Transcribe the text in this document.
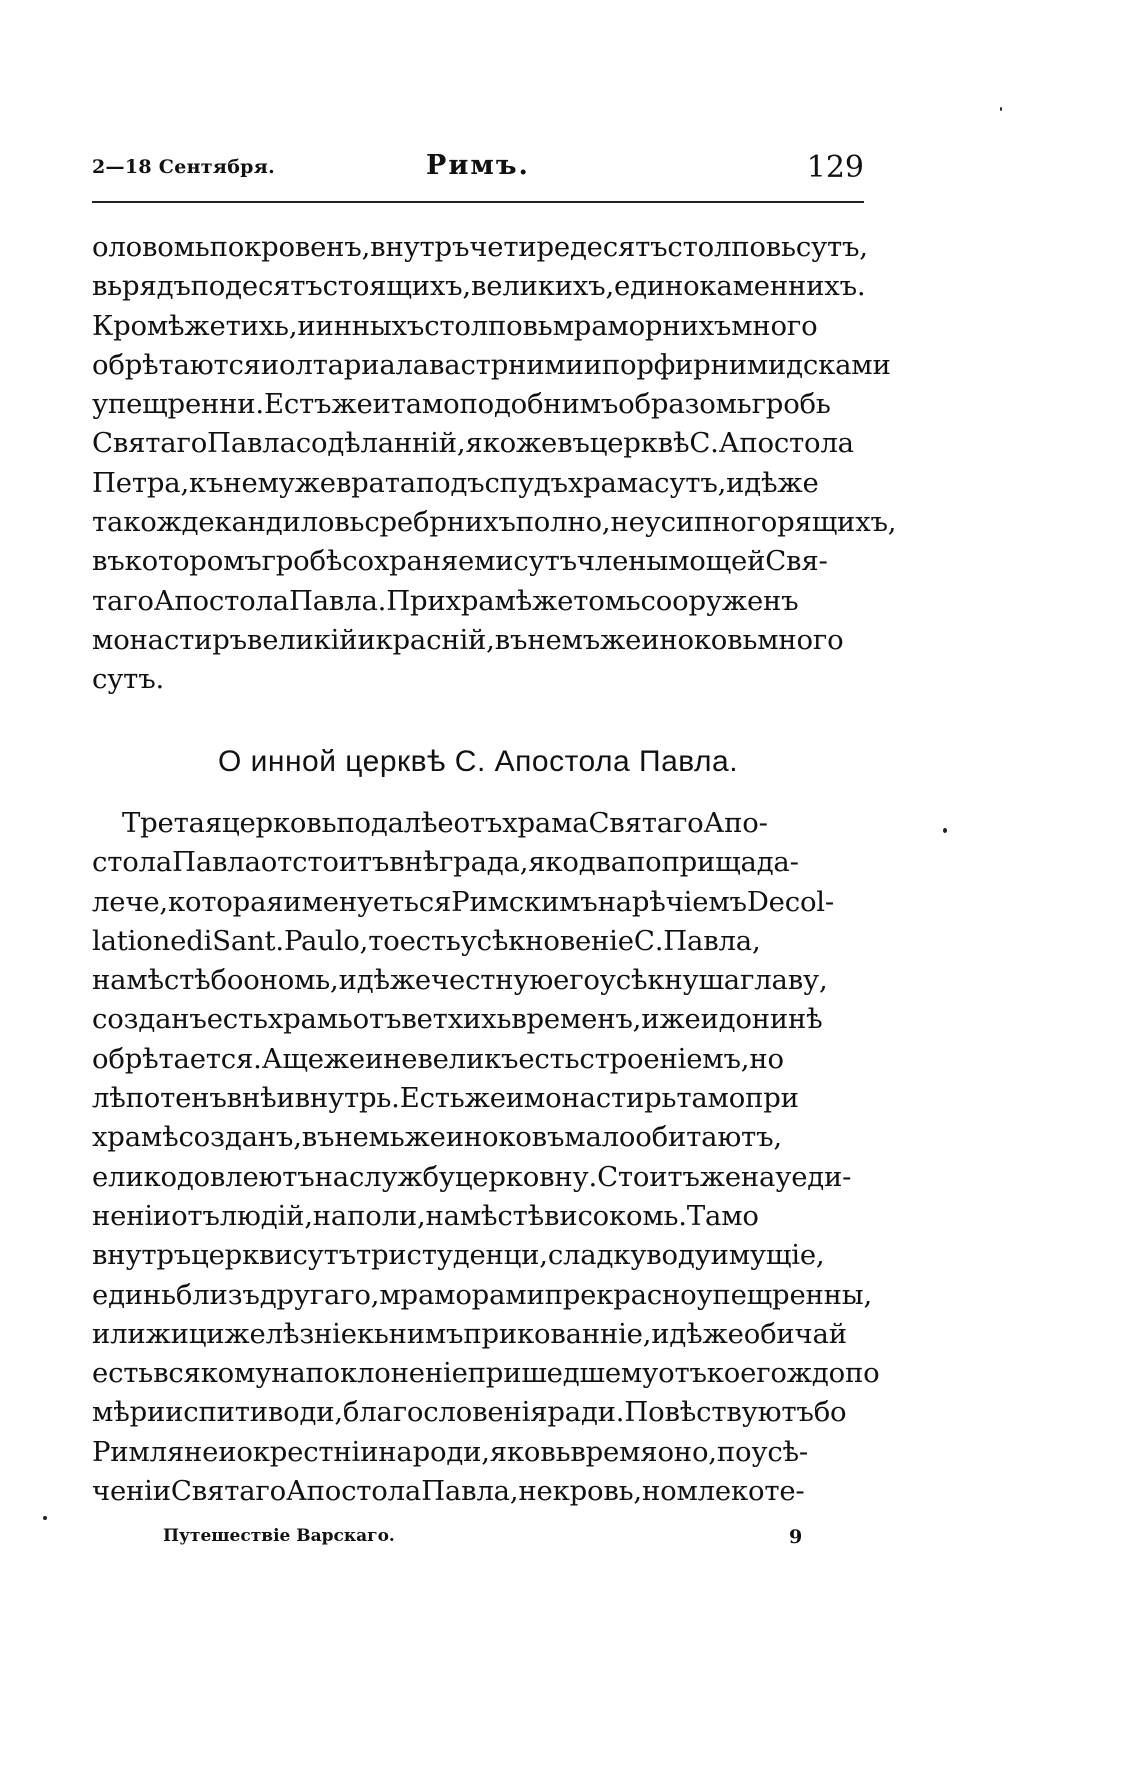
2—18 Сентября.	Римъ.	129
оловомьпокровенъ,внутръчетиредесятъстолповьсутъ,
вьрядъподесятъстоящихъ,великихъ,единокаменнихъ.
Кромѣжетихь,иинныхъстолповьмраморнихъмного
обрѣтаютсяиолтариалавастрнимиипорфирнимидсками
упещренни.Естъжеитамоподобнимъобразомьгробь
СвятагоПавласодѣланнiй,якожевъцерквѣС.Апостола
Петра,кънемужевратаподъспудъхрамасутъ,идѣже
такождекандиловьсребрнихъполно,неусипногорящихъ,
въкоторомъгробѣсохраняемисутъчленымощейСвя-
тагоАпостолаПавла.Прихрамѣжетомьсооруженъ
монастиръвеликiйикраснiй,вънемъжеиноковьмного
сутъ.
О инной церквѣ С. Апостола Павла.
ТретаяцерковьподалѣеотъхрамаСвятагоАпо-
столаПавлаотстоитъвнѣграда,якодвапоприщада-
лече,котораяименуетьсяРимскимънарѣчiемъDecol-
lationediSant.Paulo,тоестьусѣкновенiеС.Павла,
намѣстѣбоономь,идѣжечестнуюегоусѣкнушаглаву,
созданъестьхрамьотъветхихьвременъ,ижеидонинѣ
обрѣтается.Ащежеиневеликъестьстроенiемъ,но
лѣпотенъвнѣивнутрь.Естьжеимонастирьтамопри
храмѣсозданъ,вънемьжеиноковъмалообитаютъ,
еликодовлеютънаслужбуцерковну.Стоитъженауеди-
ненiиотълюдiй,наполи,намѣстѣвисокомь.Тамо
внутръцерквисутътристуденци,сладкуводуимущiе,
единьблизъдругаго,мраморамипрекрасноупещренны,
илижицижелѣзнiекьнимъприкованнiе,идѣжеобичай
естьвсякомунапоклоненiепришедшемуотъкоегождопо
мѣрииспитиводи,благословенiяради.Повѣствуютъбо
Римлянеиокрестнiинароди,яковьвремяоно,поусѣ-
ченiиСвятагоАпостолаПавла,некровь,номлекоте-
Путешествiе Варскаго.	9
